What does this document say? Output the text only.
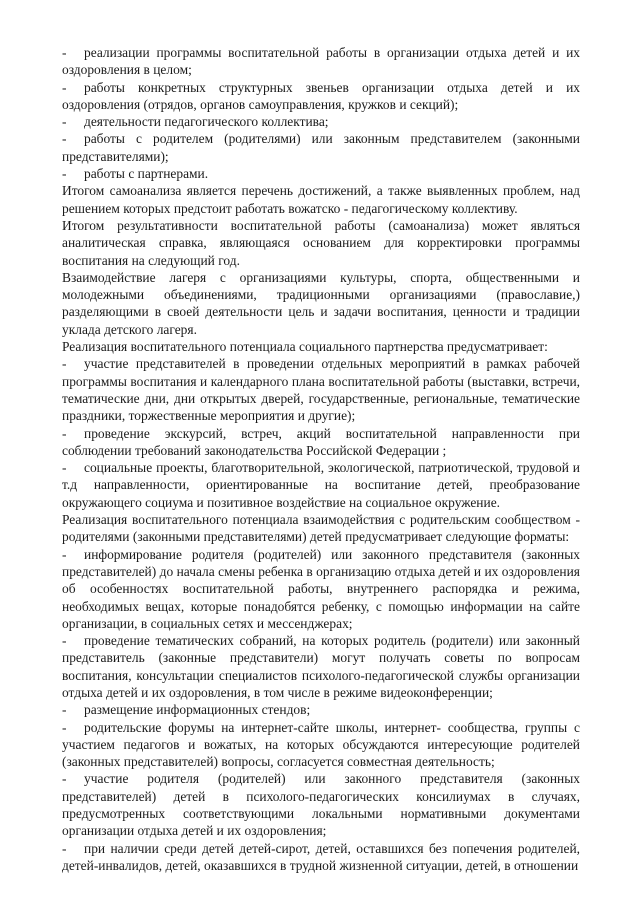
- реализации программы воспитательной работы в организации отдыха детей и их оздоровления в целом;

- работы конкретных структурных звеньев организации отдыха детей и их оздоровления (отрядов, органов самоуправления, кружков и секций);

- деятельности педагогического коллектива;

- работы с родителем (родителями) или законным представителем (законными представителями);

- работы с партнерами.

Итогом самоанализа является перечень достижений, а также выявленных проблем, над решением которых предстоит работать вожатско - педагогическому коллективу.

Итогом результативности воспитательной работы (самоанализа) может являться аналитическая справка, являющаяся основанием для корректировки программы воспитания на следующий год.

Взаимодействие лагеря с организациями культуры, спорта, общественными и молодежными объединениями, традиционными организациями (православие,) разделяющими в своей деятельности цель и задачи воспитания, ценности и традиции уклада детского лагеря.

Реализация воспитательного потенциала социального партнерства предусматривает:

- участие представителей в проведении отдельных мероприятий в рамках рабочей программы воспитания и календарного плана воспитательной работы (выставки, встречи, тематические дни, дни открытых дверей, государственные, региональные, тематические праздники, торжественные мероприятия и другие);

- проведение экскурсий, встреч, акций воспитательной направленности при соблюдении требований законодательства Российской Федерации ;

- социальные проекты, благотворительной, экологической, патриотической, трудовой и т.д направленности, ориентированные на воспитание детей, преобразование окружающего социума и позитивное воздействие на социальное окружение.

Реализация воспитательного потенциала взаимодействия с родительским сообществом - родителями (законными представителями) детей предусматривает следующие форматы:

- информирование родителя (родителей) или законного представителя (законных представителей) до начала смены ребенка в организацию отдыха детей и их оздоровления об особенностях воспитательной работы, внутреннего распорядка и режима, необходимых вещах, которые понадобятся ребенку, с помощью информации на сайте организации, в социальных сетях и мессенджерах;

- проведение тематических собраний, на которых родитель (родители) или законный представитель (законные представители) могут получать советы по вопросам воспитания, консультации специалистов психолого-педагогической службы организации отдыха детей и их оздоровления, в том числе в режиме видеоконференции;

- размещение информационных стендов;

- родительские форумы на интернет-сайте школы, интернет- сообщества, группы с участием педагогов и вожатых, на которых обсуждаются интересующие родителей (законных представителей) вопросы, согласуется совместная деятельность;

- участие родителя (родителей) или законного представителя (законных представителей) детей в психолого-педагогических консилиумах в случаях, предусмотренных соответствующими локальными нормативными документами организации отдыха детей и их оздоровления;

- при наличии среди детей детей-сирот, детей, оставшихся без попечения родителей, детей-инвалидов, детей, оказавшихся в трудной жизненной ситуации, детей, в отношении
